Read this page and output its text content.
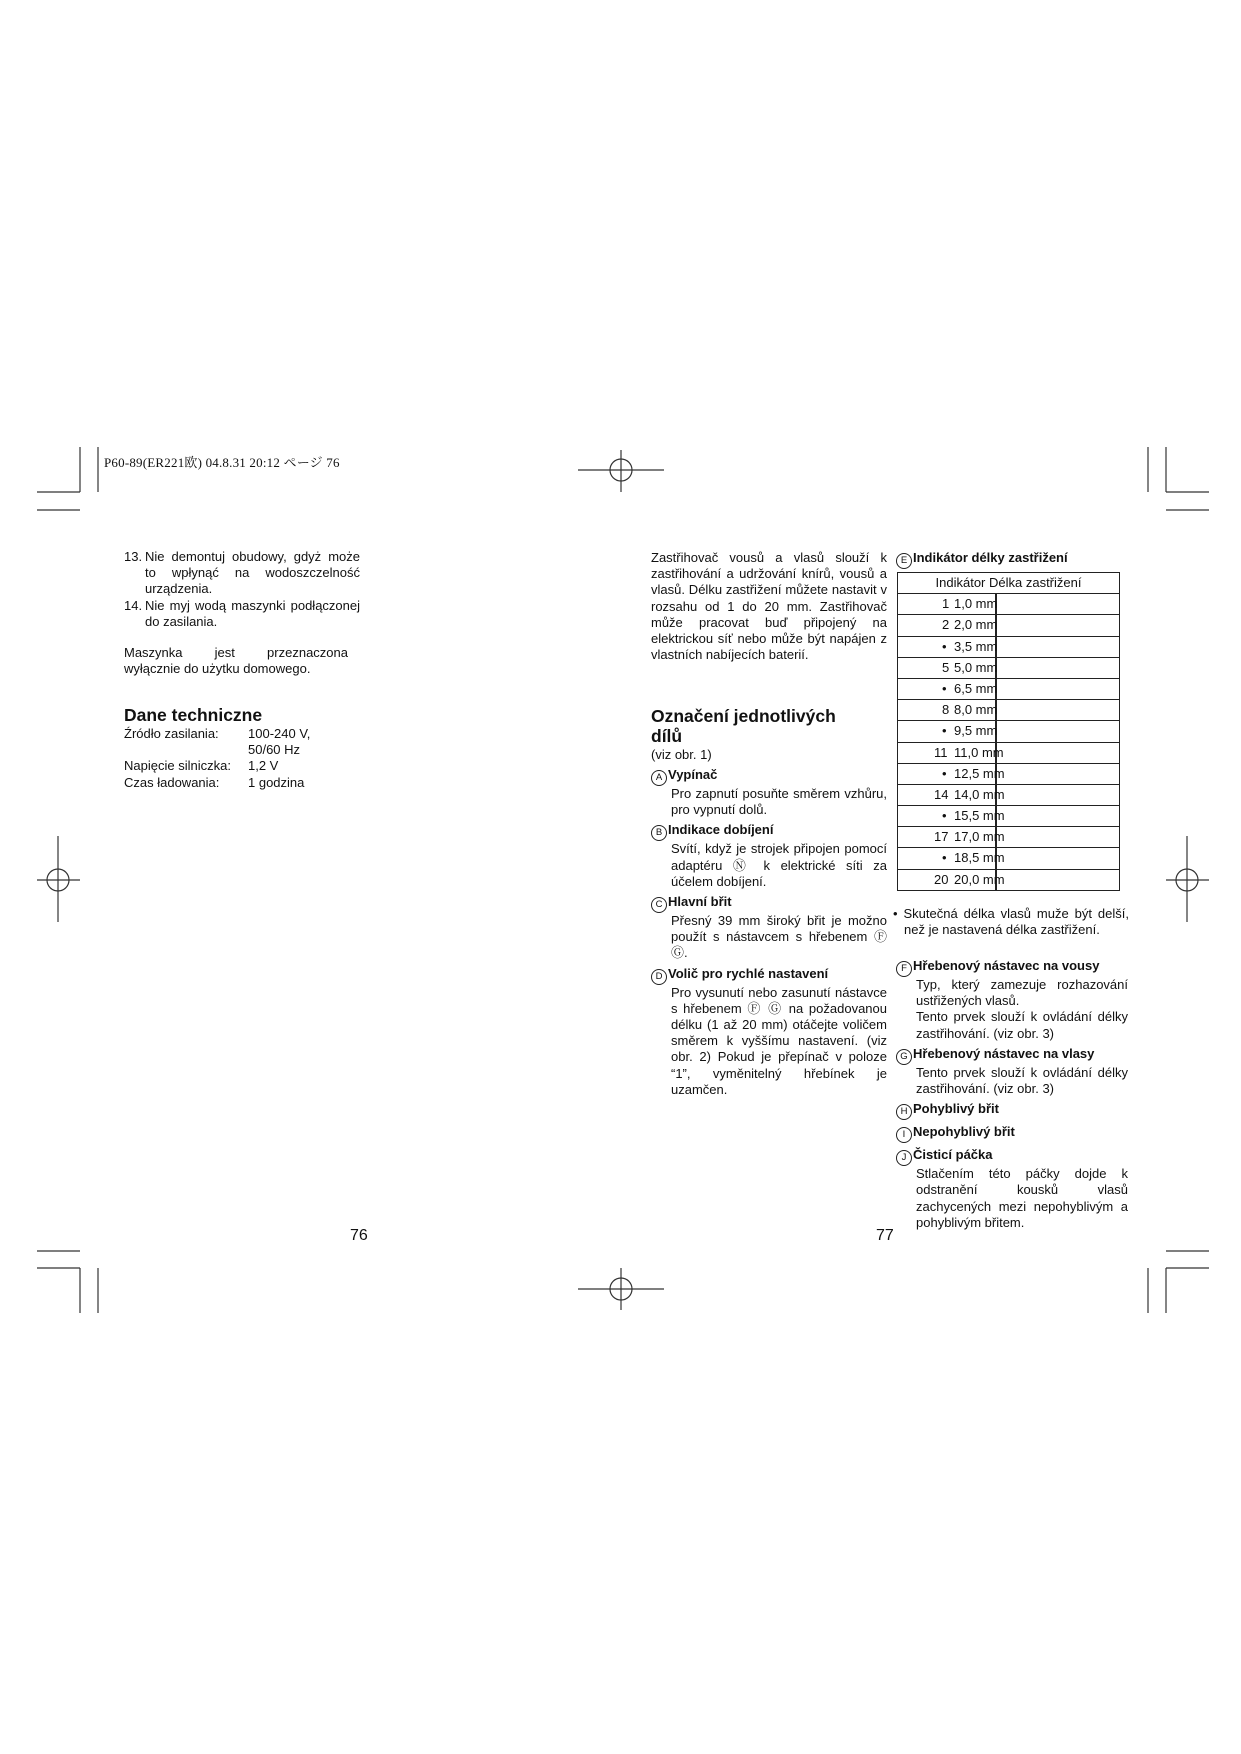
P60-89(ER221欧) 04.8.31 20:12 ページ 76
13. Nie demontuj obudowy, gdyż może to wpłynąć na wodoszczelność urządzenia.
14. Nie myj wodą maszynki podłączonej do zasilania.
Maszynka jest przeznaczona wyłącznie do użytku domowego.
Dane techniczne
Źródło zasilania:	100-240 V,
	50/60 Hz
Napięcie silniczka:	1,2 V
Czas ładowania:	1 godzina
76
Zastřihovač vousů a vlasů slouží k zastřihování a udržování knírů, vousů a vlasů. Délku zastřižení můžete nastavit v rozsahu od 1 do 20 mm. Zastřihovač může pracovat buď připojený na elektrickou síť nebo může být napájen z vlastních nabíjecích baterií.
Označení jednotlivých
dílů
(viz obr. 1)
A Vypínač
Pro zapnutí posuňte směrem vzhůru, pro vypnutí dolů.
B Indikace dobíjení
Svítí, když je strojek připojen pomocí adaptéru Ⓝ k elektrické síti za účelem dobíjení.
C Hlavní břit
Přesný 39 mm široký břit je možno použít s nástavcem s hřebenem Ⓕ Ⓖ.
D Volič pro rychlé nastavení
Pro vysunutí nebo zasunutí nástavce s hřebenem Ⓕ Ⓖ na požadovanou délku (1 až 20 mm) otáčejte voličem směrem k vyššímu nastavení. (viz obr. 2) Pokud je přepínač v poloze “1”, vyměnitelný hřebínek je uzamčen.
77
E Indikátor délky zastřižení
Indikátor Délka zastřižení
1 1,0 mm
2 2,0 mm
• 3,5 mm
5 5,0 mm
• 6,5 mm
8 8,0 mm
• 9,5 mm
11 11,0 mm
• 12,5 mm
14 14,0 mm
• 15,5 mm
17 17,0 mm
• 18,5 mm
20 20,0 mm
• Skutečná délka vlasů muže být delší, než je nastavená délka zastřižení.
F Hřebenový nástavec na vousy
Typ, který zamezuje rozhazování ustřižených vlasů.
Tento prvek slouží k ovládání délky zastřihování. (viz obr. 3)
G Hřebenový nástavec na vlasy
Tento prvek slouží k ovládání délky zastřihování. (viz obr. 3)
H Pohyblivý břit
I Nepohyblivý břit
J Čisticí páčka
Stlačením této páčky dojde k odstranění kousků vlasů zachycených mezi nepohyblivým a pohyblivým břitem.
